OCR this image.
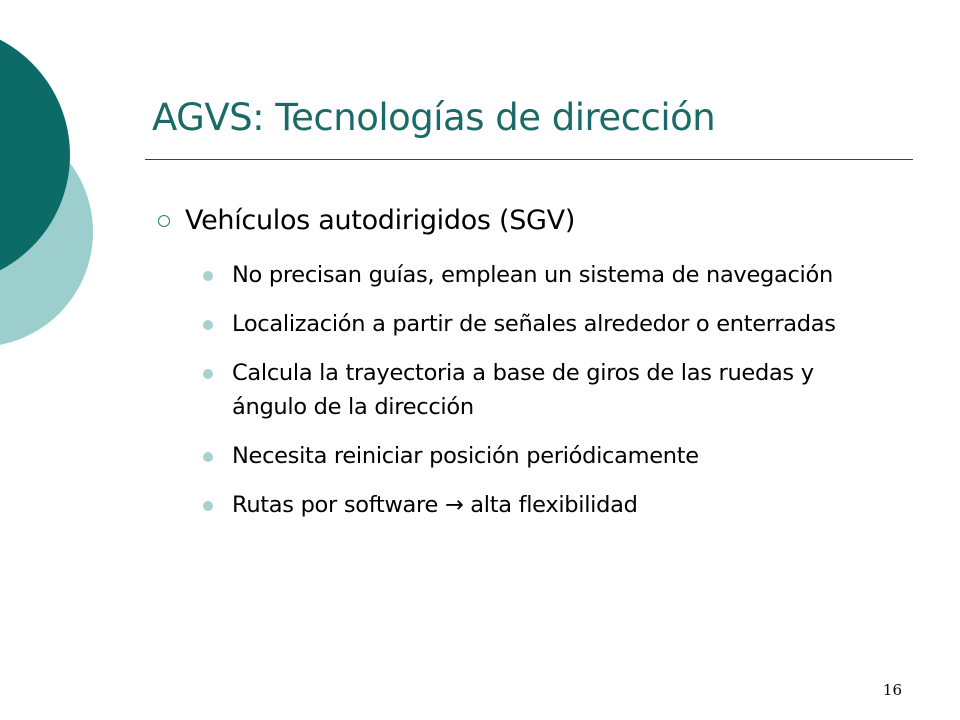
AGVS: Tecnologías de dirección
Vehículos autodirigidos (SGV)
No precisan guías, emplean un sistema de navegación
Localización a partir de señales alrededor o enterradas
Calcula la trayectoria a base de giros de las ruedas y ángulo de la dirección
Necesita reiniciar posición periódicamente
Rutas por software → alta flexibilidad
16
